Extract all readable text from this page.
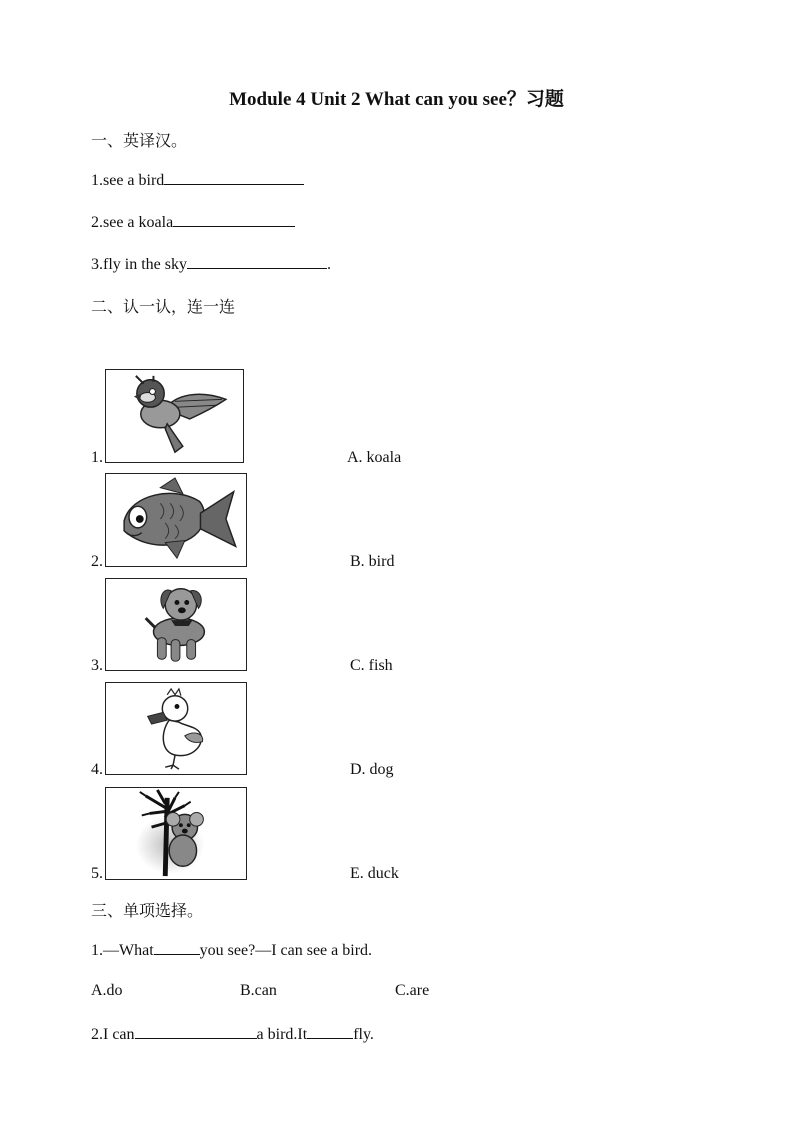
Module 4 Unit 2 What can you see？习题
一、英译汉。
1.see a bird
2.see a koala
3.fly in the sky	.
二、认一认，连一连
1.	A. koala
2.	B. bird
3.	C. fish
4.	D. dog
5.	E. duck
三、单项选择。
1.—What	you see?—I can see a bird.
A.do	B.can	C.are
2.I can	a bird.It	fly.
